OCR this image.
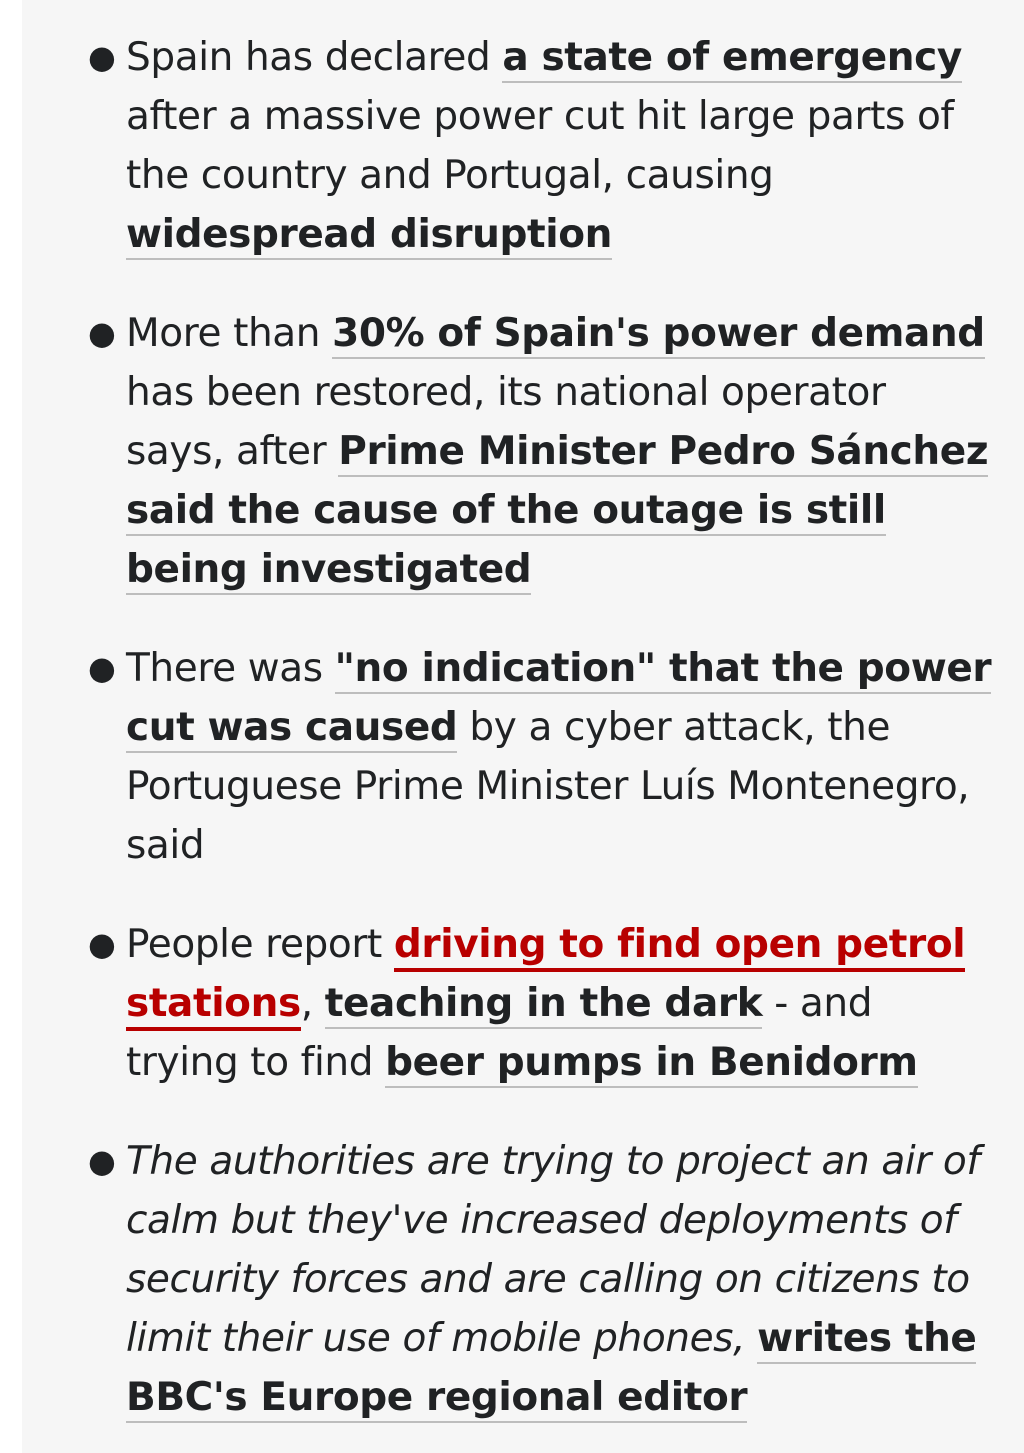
● Spain has declared a state of emergency after a massive power cut hit large parts of the country and Portugal, causing widespread disruption
● More than 30% of Spain's power demand has been restored, its national operator says, after Prime Minister Pedro Sánchez said the cause of the outage is still being investigated
● There was "no indication" that the power cut was caused by a cyber attack, the Portuguese Prime Minister Luís Montenegro, said
● People report driving to find open petrol stations, teaching in the dark - and trying to find beer pumps in Benidorm
● The authorities are trying to project an air of calm but they've increased deployments of security forces and are calling on citizens to limit their use of mobile phones, writes the BBC's Europe regional editor
